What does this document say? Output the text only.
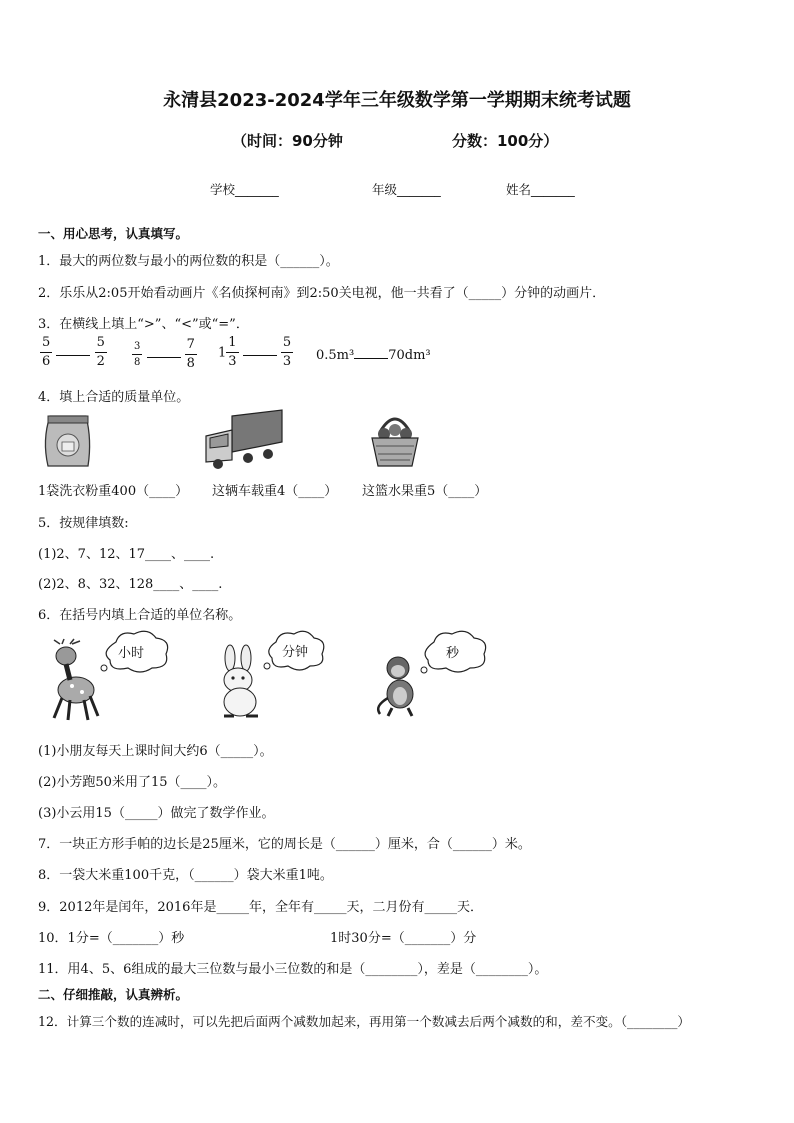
永清县2023-2024学年三年级数学第一学期期末统考试题
（时间：90分钟	分数：100分）
学校_______	年级_______	姓名_______
一、用心思考，认真填写。
1．最大的两位数与最小的两位数的积是（______）。
2．乐乐从2:05开始看动画片《名侦探柯南》到2:50关电视，他一共看了（_____）分钟的动画片．
3．在横线上填上“>”、“<”或“=”．
$\frac{5}{6}$
	$\frac{5}{2}$	$\frac{3}{8}$
	$\frac{7}{8} 1 \frac{1}{3}$
	$\frac{5}{3} 0.5m^3$	70dm³
4．填上合适的质量单位。
1袋洗衣粉重400（____） 这辆车载重4（____） 这篮水果重5（____）
5．按规律填数:
(1)2、7、12、17____、____.
(2)2、8、32、128____、____.
6．在括号内填上合适的单位名称。
小时	分钟	秒
(1)小朋友每天上课时间大约6（_____）。
(2)小芳跑50米用了15（____）。
(3)小云用15（_____）做完了数学作业。
7．一块正方形手帕的边长是25厘米，它的周长是（______）厘米，合（______）米。
8．一袋大米重100千克，（______）袋大米重1吨。
9．2012年是闰年，2016年是_____年，全年有_____天，二月份有_____天．
10．1分=（_______）秒	1时30分=（_______）分
11．用4、5、6组成的最大三位数与最小三位数的和是（________），差是（________）。
二、仔细推敲，认真辨析。
12．计算三个数的连减时，可以先把后面两个减数加起来，再用第一个数减去后两个减数的和，差不变。（________）
